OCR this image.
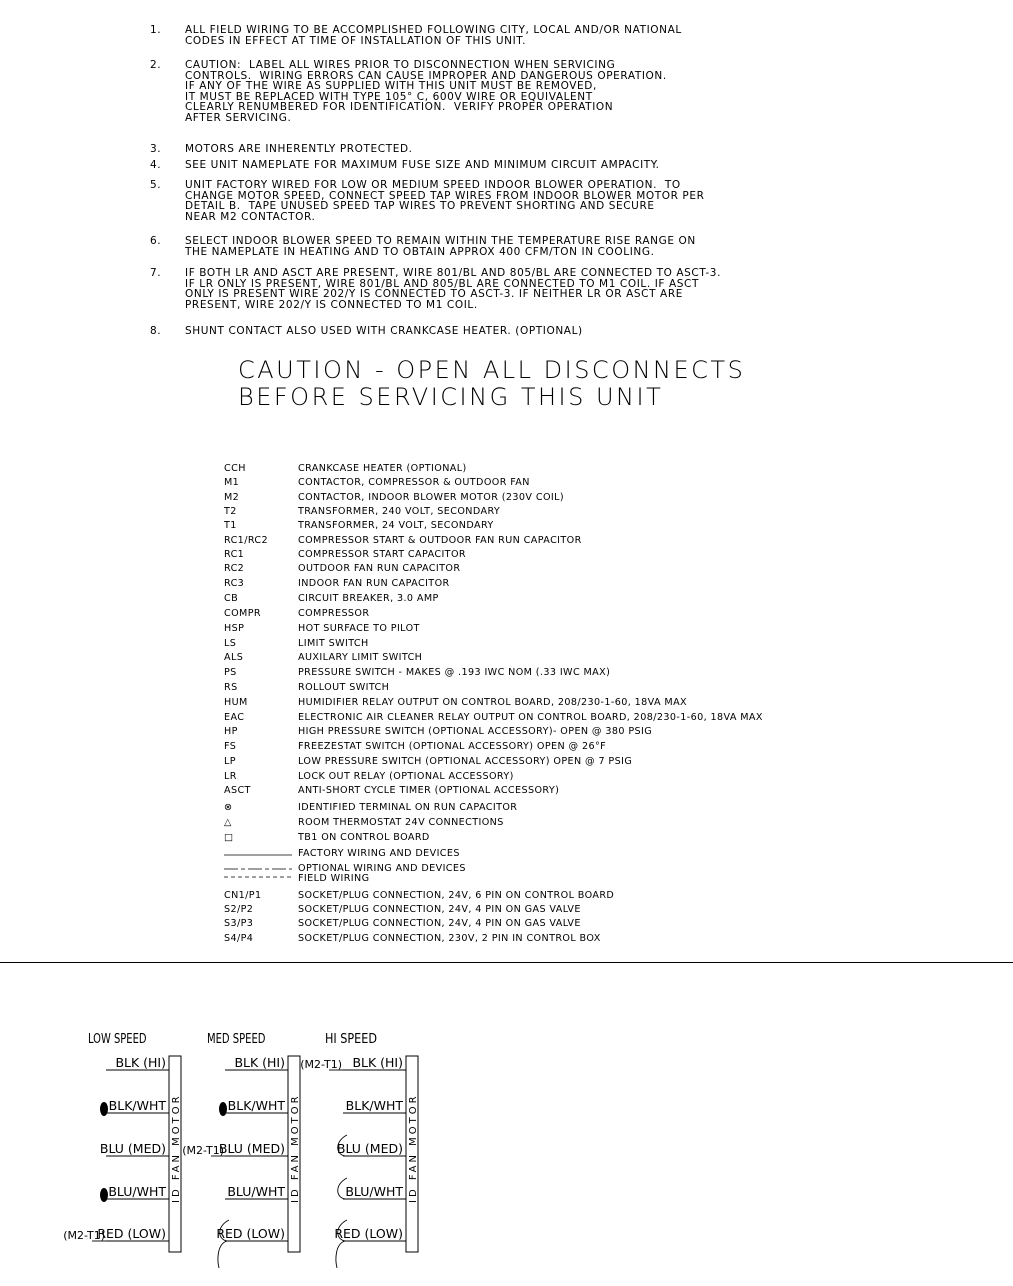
1. ALL FIELD WIRING TO BE ACCOMPLISHED FOLLOWING CITY, LOCAL AND/OR NATIONAL
CODES IN EFFECT AT TIME OF INSTALLATION OF THIS UNIT.
2. CAUTION:  LABEL ALL WIRES PRIOR TO DISCONNECTION WHEN SERVICING
CONTROLS.  WIRING ERRORS CAN CAUSE IMPROPER AND DANGEROUS OPERATION.
IF ANY OF THE WIRE AS SUPPLIED WITH THIS UNIT MUST BE REMOVED,
IT MUST BE REPLACED WITH TYPE 105° C, 600V WIRE OR EQUIVALENT
CLEARLY RENUMBERED FOR IDENTIFICATION.  VERIFY PROPER OPERATION
AFTER SERVICING.
3. MOTORS ARE INHERENTLY PROTECTED.
4. SEE UNIT NAMEPLATE FOR MAXIMUM FUSE SIZE AND MINIMUM CIRCUIT AMPACITY.
5. UNIT FACTORY WIRED FOR LOW OR MEDIUM SPEED INDOOR BLOWER OPERATION.  TO
CHANGE MOTOR SPEED, CONNECT SPEED TAP WIRES FROM INDOOR BLOWER MOTOR PER
DETAIL B.  TAPE UNUSED SPEED TAP WIRES TO PREVENT SHORTING AND SECURE
NEAR M2 CONTACTOR.
6. SELECT INDOOR BLOWER SPEED TO REMAIN WITHIN THE TEMPERATURE RISE RANGE ON
THE NAMEPLATE IN HEATING AND TO OBTAIN APPROX 400 CFM/TON IN COOLING.
7. IF BOTH LR AND ASCT ARE PRESENT, WIRE 801/BL AND 805/BL ARE CONNECTED TO ASCT-3.
IF LR ONLY IS PRESENT, WIRE 801/BL AND 805/BL ARE CONNECTED TO M1 COIL. IF ASCT
ONLY IS PRESENT WIRE 202/Y IS CONNECTED TO ASCT-3. IF NEITHER LR OR ASCT ARE
PRESENT, WIRE 202/Y IS CONNECTED TO M1 COIL.
8. SHUNT CONTACT ALSO USED WITH CRANKCASE HEATER. (OPTIONAL)
CAUTION - OPEN ALL DISCONNECTS
BEFORE SERVICING THIS UNIT
CCH	CRANKCASE HEATER (OPTIONAL)
M1	CONTACTOR, COMPRESSOR & OUTDOOR FAN
M2	CONTACTOR, INDOOR BLOWER MOTOR (230V COIL)
T2	TRANSFORMER, 240 VOLT, SECONDARY
T1	TRANSFORMER, 24 VOLT, SECONDARY
RC1/RC2	COMPRESSOR START & OUTDOOR FAN RUN CAPACITOR
RC1	COMPRESSOR START CAPACITOR
RC2	OUTDOOR FAN RUN CAPACITOR
RC3	INDOOR FAN RUN CAPACITOR
CB	CIRCUIT BREAKER, 3.0 AMP
COMPR	COMPRESSOR
HSP	HOT SURFACE TO PILOT
LS	LIMIT SWITCH
ALS	AUXILARY LIMIT SWITCH
PS	PRESSURE SWITCH - MAKES @ .193 IWC NOM (.33 IWC MAX)
RS	ROLLOUT SWITCH
HUM	HUMIDIFIER RELAY OUTPUT ON CONTROL BOARD, 208/230-1-60, 18VA MAX
EAC	ELECTRONIC AIR CLEANER RELAY OUTPUT ON CONTROL BOARD, 208/230-1-60, 18VA MAX
HP	HIGH PRESSURE SWITCH (OPTIONAL ACCESSORY)- OPEN @ 380 PSIG
FS	FREEZESTAT SWITCH (OPTIONAL ACCESSORY) OPEN @ 26°F
LP	LOW PRESSURE SWITCH (OPTIONAL ACCESSORY) OPEN @ 7 PSIG
LR	LOCK OUT RELAY (OPTIONAL ACCESSORY)
ASCT	ANTI-SHORT CYCLE TIMER (OPTIONAL ACCESSORY)
⊗	IDENTIFIED TERMINAL ON RUN CAPACITOR
△	ROOM THERMOSTAT 24V CONNECTIONS
□	TB1 ON CONTROL BOARD
FACTORY WIRING AND DEVICES
OPTIONAL WIRING AND DEVICES
FIELD WIRING
CN1/P1	SOCKET/PLUG CONNECTION, 24V, 6 PIN ON CONTROL BOARD
S2/P2	SOCKET/PLUG CONNECTION, 24V, 4 PIN ON GAS VALVE
S3/P3	SOCKET/PLUG CONNECTION, 24V, 4 PIN ON GAS VALVE
S4/P4	SOCKET/PLUG CONNECTION, 230V, 2 PIN IN CONTROL BOX
LOW SPEED
ID FAN MOTOR
BLK (HI)
BLK/WHT
BLU (MED)
BLU/WHT
RED (LOW)
(M2-T1)
MED SPEED
ID FAN MOTOR
BLK (HI)
BLK/WHT
BLU (MED)
(M2-T1)
BLU/WHT
RED (LOW)
HI SPEED
ID FAN MOTOR
BLK (HI)
(M2-T1)
BLK/WHT
BLU (MED)
BLU/WHT
RED (LOW)
